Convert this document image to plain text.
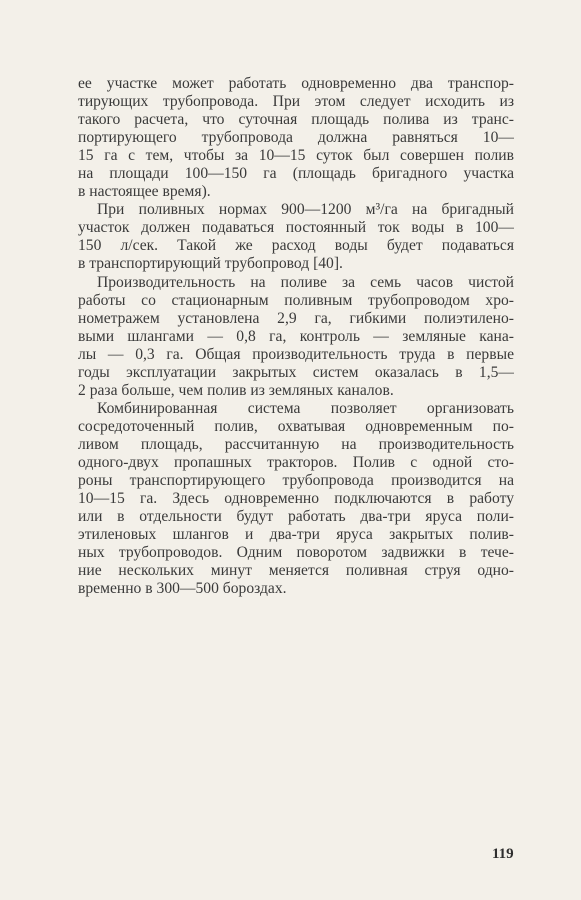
ее участке может работать одновременно два транспор-
тирующих трубопровода. При этом следует исходить из
такого расчета, что суточная площадь полива из транс-
портирующего трубопровода должна равняться 10—
15 га с тем, чтобы за 10—15 суток был совершен полив
на площади 100—150 га (площадь бригадного участка
в настоящее время).
При поливных нормах 900—1200 м³/га на бригадный
участок должен подаваться постоянный ток воды в 100—
150 л/сек. Такой же расход воды будет подаваться
в транспортирующий трубопровод [40].
Производительность на поливе за семь часов чистой
работы со стационарным поливным трубопроводом хро-
нометражем установлена 2,9 га, гибкими полиэтилено-
выми шлангами — 0,8 га, контроль — земляные кана-
лы — 0,3 га. Общая производительность труда в первые
годы эксплуатации закрытых систем оказалась в 1,5—
2 раза больше, чем полив из земляных каналов.
Комбинированная система позволяет организовать
сосредоточенный полив, охватывая одновременным по-
ливом площадь, рассчитанную на производительность
одного-двух пропашных тракторов. Полив с одной сто-
роны транспортирующего трубопровода производится на
10—15 га. Здесь одновременно подключаются в работу
или в отдельности будут работать два-три яруса поли-
этиленовых шлангов и два-три яруса закрытых полив-
ных трубопроводов. Одним поворотом задвижки в тече-
ние нескольких минут меняется поливная струя одно-
временно в 300—500 бороздах.
119
